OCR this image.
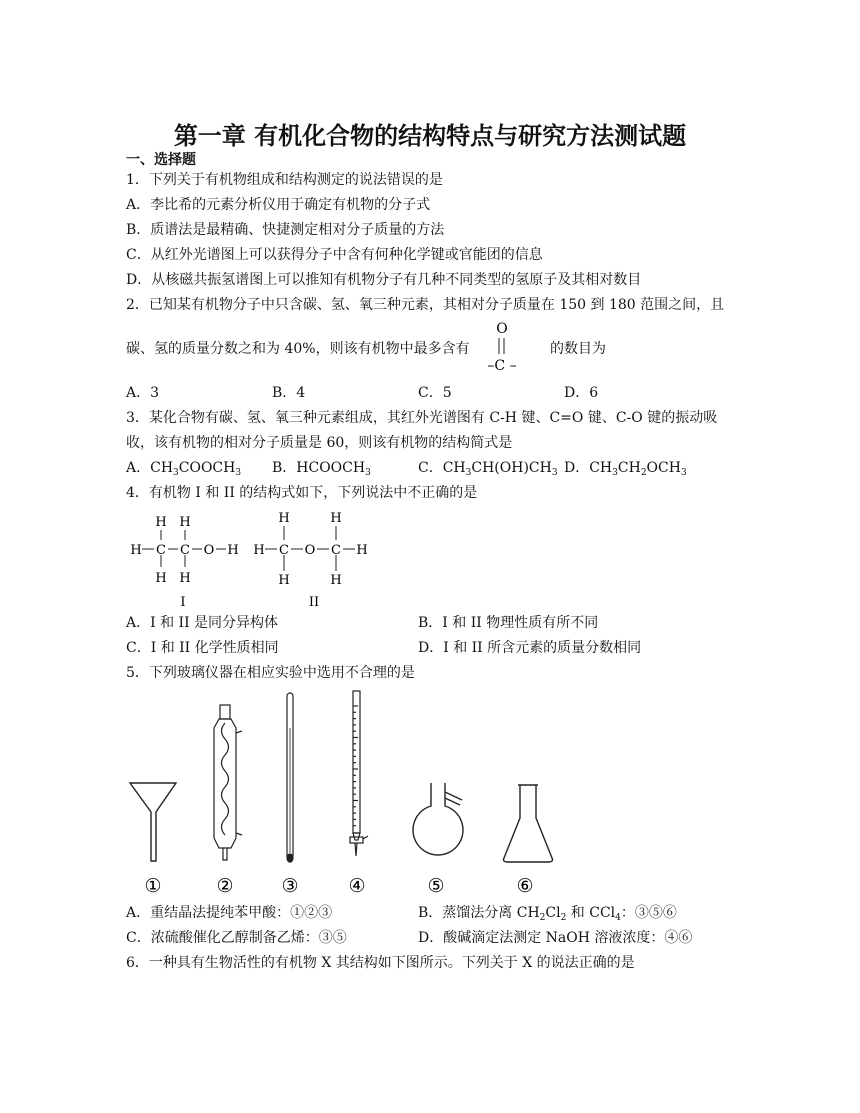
第一章 有机化合物的结构特点与研究方法测试题
一、选择题
1．下列关于有机物组成和结构测定的说法错误的是
A．李比希的元素分析仪用于确定有机物的分子式
B．质谱法是最精确、快捷测定相对分子质量的方法
C．从红外光谱图上可以获得分子中含有何种化学键或官能团的信息
D．从核磁共振氢谱图上可以推知有机物分子有几种不同类型的氢原子及其相对数目
2．已知某有机物分子中只含碳、氢、氧三种元素，其相对分子质量在 150 到 180 范围之间，且
碳、氢的质量分数之和为 40%，则该有机物中最多含有
O
–C –
的数目为
A．3	B．4	C．5	D．6
3．某化合物有碳、氢、氧三种元素组成，其红外光谱图有 C-H 键、C=O 键、C-O 键的振动吸
收，该有机物的相对分子质量是 60，则该有机物的结构简式是
A．$CH_3COOCH_3$ B．$HCOOCH_3$	C．$CH_3CH(OH)CH_3$ D．$CH_3CH_2OCH_3$
4．有机物 I 和 II 的结构式如下，下列说法中不正确的是
H C C O H
H
H
H
H
I
H C O C H
H
H
H
H
II
A．I 和 II 是同分异构体	B．I 和 II 物理性质有所不同
C．I 和 II 化学性质相同	D．I 和 II 所含元素的质量分数相同
5．下列玻璃仪器在相应实验中选用不合理的是
①	②	③	④	⑤	⑥
A．重结晶法提纯苯甲酸：①②③	B．蒸馏法分离 $CH_2Cl_2$ 和 CCl$_4$：③⑤⑥
C．浓硫酸催化乙醇制备乙烯：③⑤	D．酸碱滴定法测定 NaOH 溶液浓度：④⑥
6．一种具有生物活性的有机物 X 其结构如下图所示。下列关于 X 的说法正确的是
